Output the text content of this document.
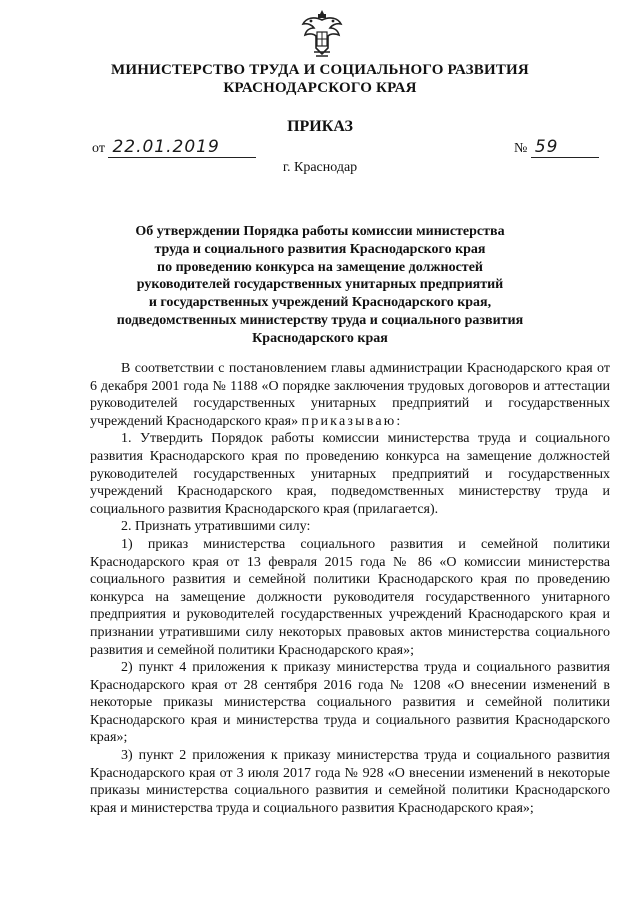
МИНИСТЕРСТВО ТРУДА И СОЦИАЛЬНОГО РАЗВИТИЯ
КРАСНОДАРСКОГО КРАЯ
ПРИКАЗ
от 22.01.2019	№ 59
г. Краснодар
Об утверждении Порядка работы комиссии министерства
труда и социального развития Краснодарского края
по проведению конкурса на замещение должностей
руководителей государственных унитарных предприятий
и государственных учреждений Краснодарского края,
подведомственных министерству труда и социального развития
Краснодарского края

В соответствии с постановлением главы администрации Краснодарского края от 6 декабря 2001 года № 1188 «О порядке заключения трудовых договоров и аттестации руководителей государственных унитарных предприятий и государственных учреждений Краснодарского края» приказываю:

1. Утвердить Порядок работы комиссии министерства труда и социального развития Краснодарского края по проведению конкурса на замещение должностей руководителей государственных унитарных предприятий и государственных учреждений Краснодарского края, подведомственных министерству труда и социального развития Краснодарского края (прилагается).

2. Признать утратившими силу:

1) приказ министерства социального развития и семейной политики Краснодарского края от 13 февраля 2015 года № 86 «О комиссии министерства социального развития и семейной политики Краснодарского края по проведению конкурса на замещение должности руководителя государственного унитарного предприятия и руководителей государственных учреждений Краснодарского края и признании утратившими силу некоторых правовых актов министерства социального развития и семейной политики Краснодарского края»;

2) пункт 4 приложения к приказу министерства труда и социального развития Краснодарского края от 28 сентября 2016 года № 1208 «О внесении изменений в некоторые приказы министерства социального развития и семейной политики Краснодарского края и министерства труда и социального развития Краснодарского края»;

3) пункт 2 приложения к приказу министерства труда и социального развития Краснодарского края от 3 июля 2017 года № 928 «О внесении изменений в некоторые приказы министерства социального развития и семейной политики Краснодарского края и министерства труда и социального развития Краснодарского края»;
